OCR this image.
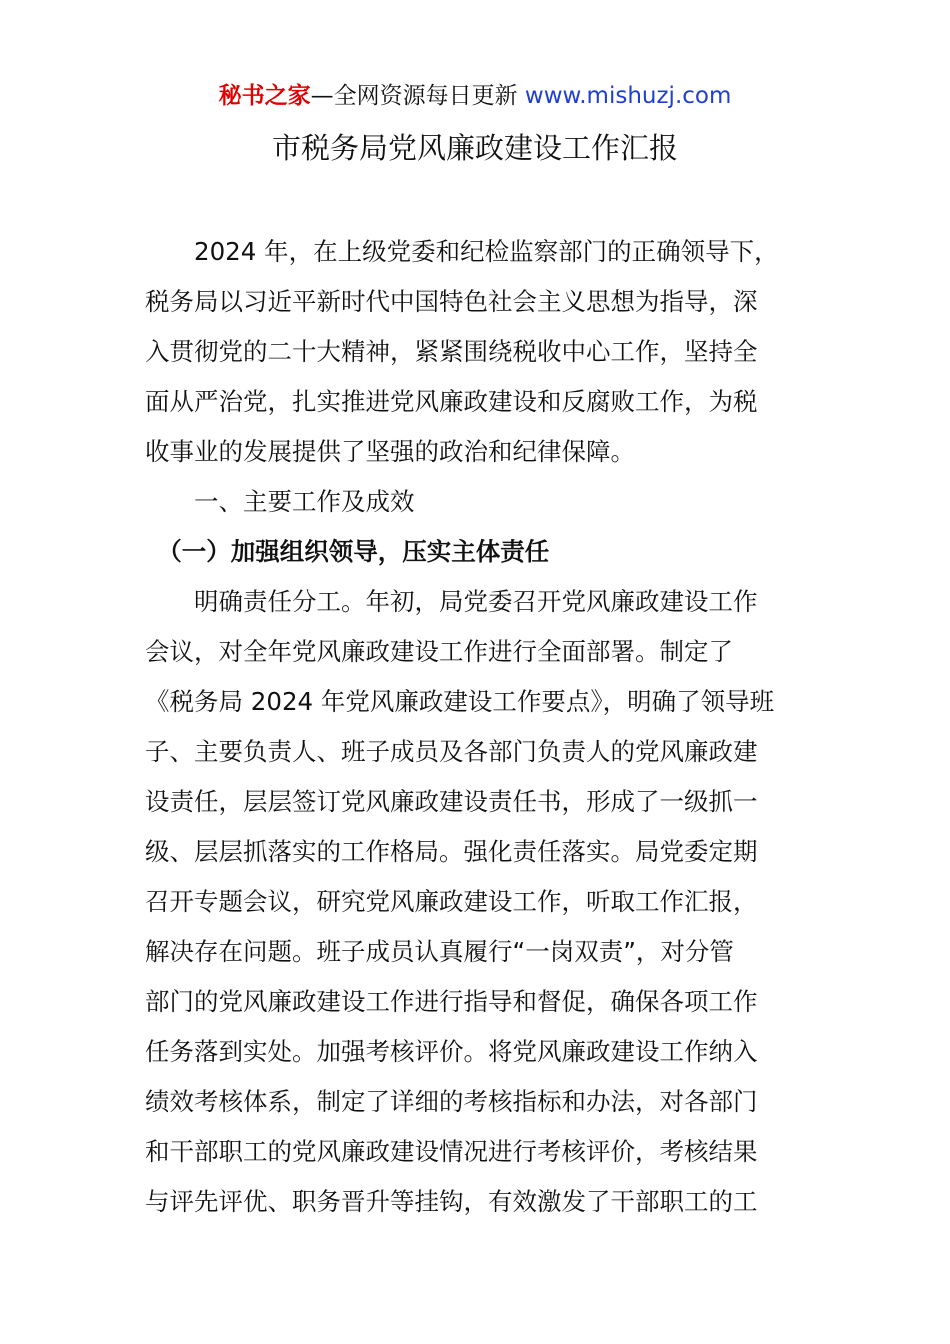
秘书之家—全网资源每日更新 www.mishuzj.com
市税务局党风廉政建设工作汇报
　　2024 年，在上级党委和纪检监察部门的正确领导下，
税务局以习近平新时代中国特色社会主义思想为指导，深
入贯彻党的二十大精神，紧紧围绕税收中心工作，坚持全
面从严治党，扎实推进党风廉政建设和反腐败工作，为税
收事业的发展提供了坚强的政治和纪律保障。
　　一、主要工作及成效
　（一）加强组织领导，压实主体责任
　　明确责任分工。年初，局党委召开党风廉政建设工作
会议，对全年党风廉政建设工作进行全面部署。制定了
《税务局 2024 年党风廉政建设工作要点》，明确了领导班
子、主要负责人、班子成员及各部门负责人的党风廉政建
设责任，层层签订党风廉政建设责任书，形成了一级抓一
级、层层抓落实的工作格局。强化责任落实。局党委定期
召开专题会议，研究党风廉政建设工作，听取工作汇报，
解决存在问题。班子成员认真履行“一岗双责”，对分管
部门的党风廉政建设工作进行指导和督促，确保各项工作
任务落到实处。加强考核评价。将党风廉政建设工作纳入
绩效考核体系，制定了详细的考核指标和办法，对各部门
和干部职工的党风廉政建设情况进行考核评价，考核结果
与评先评优、职务晋升等挂钩，有效激发了干部职工的工
